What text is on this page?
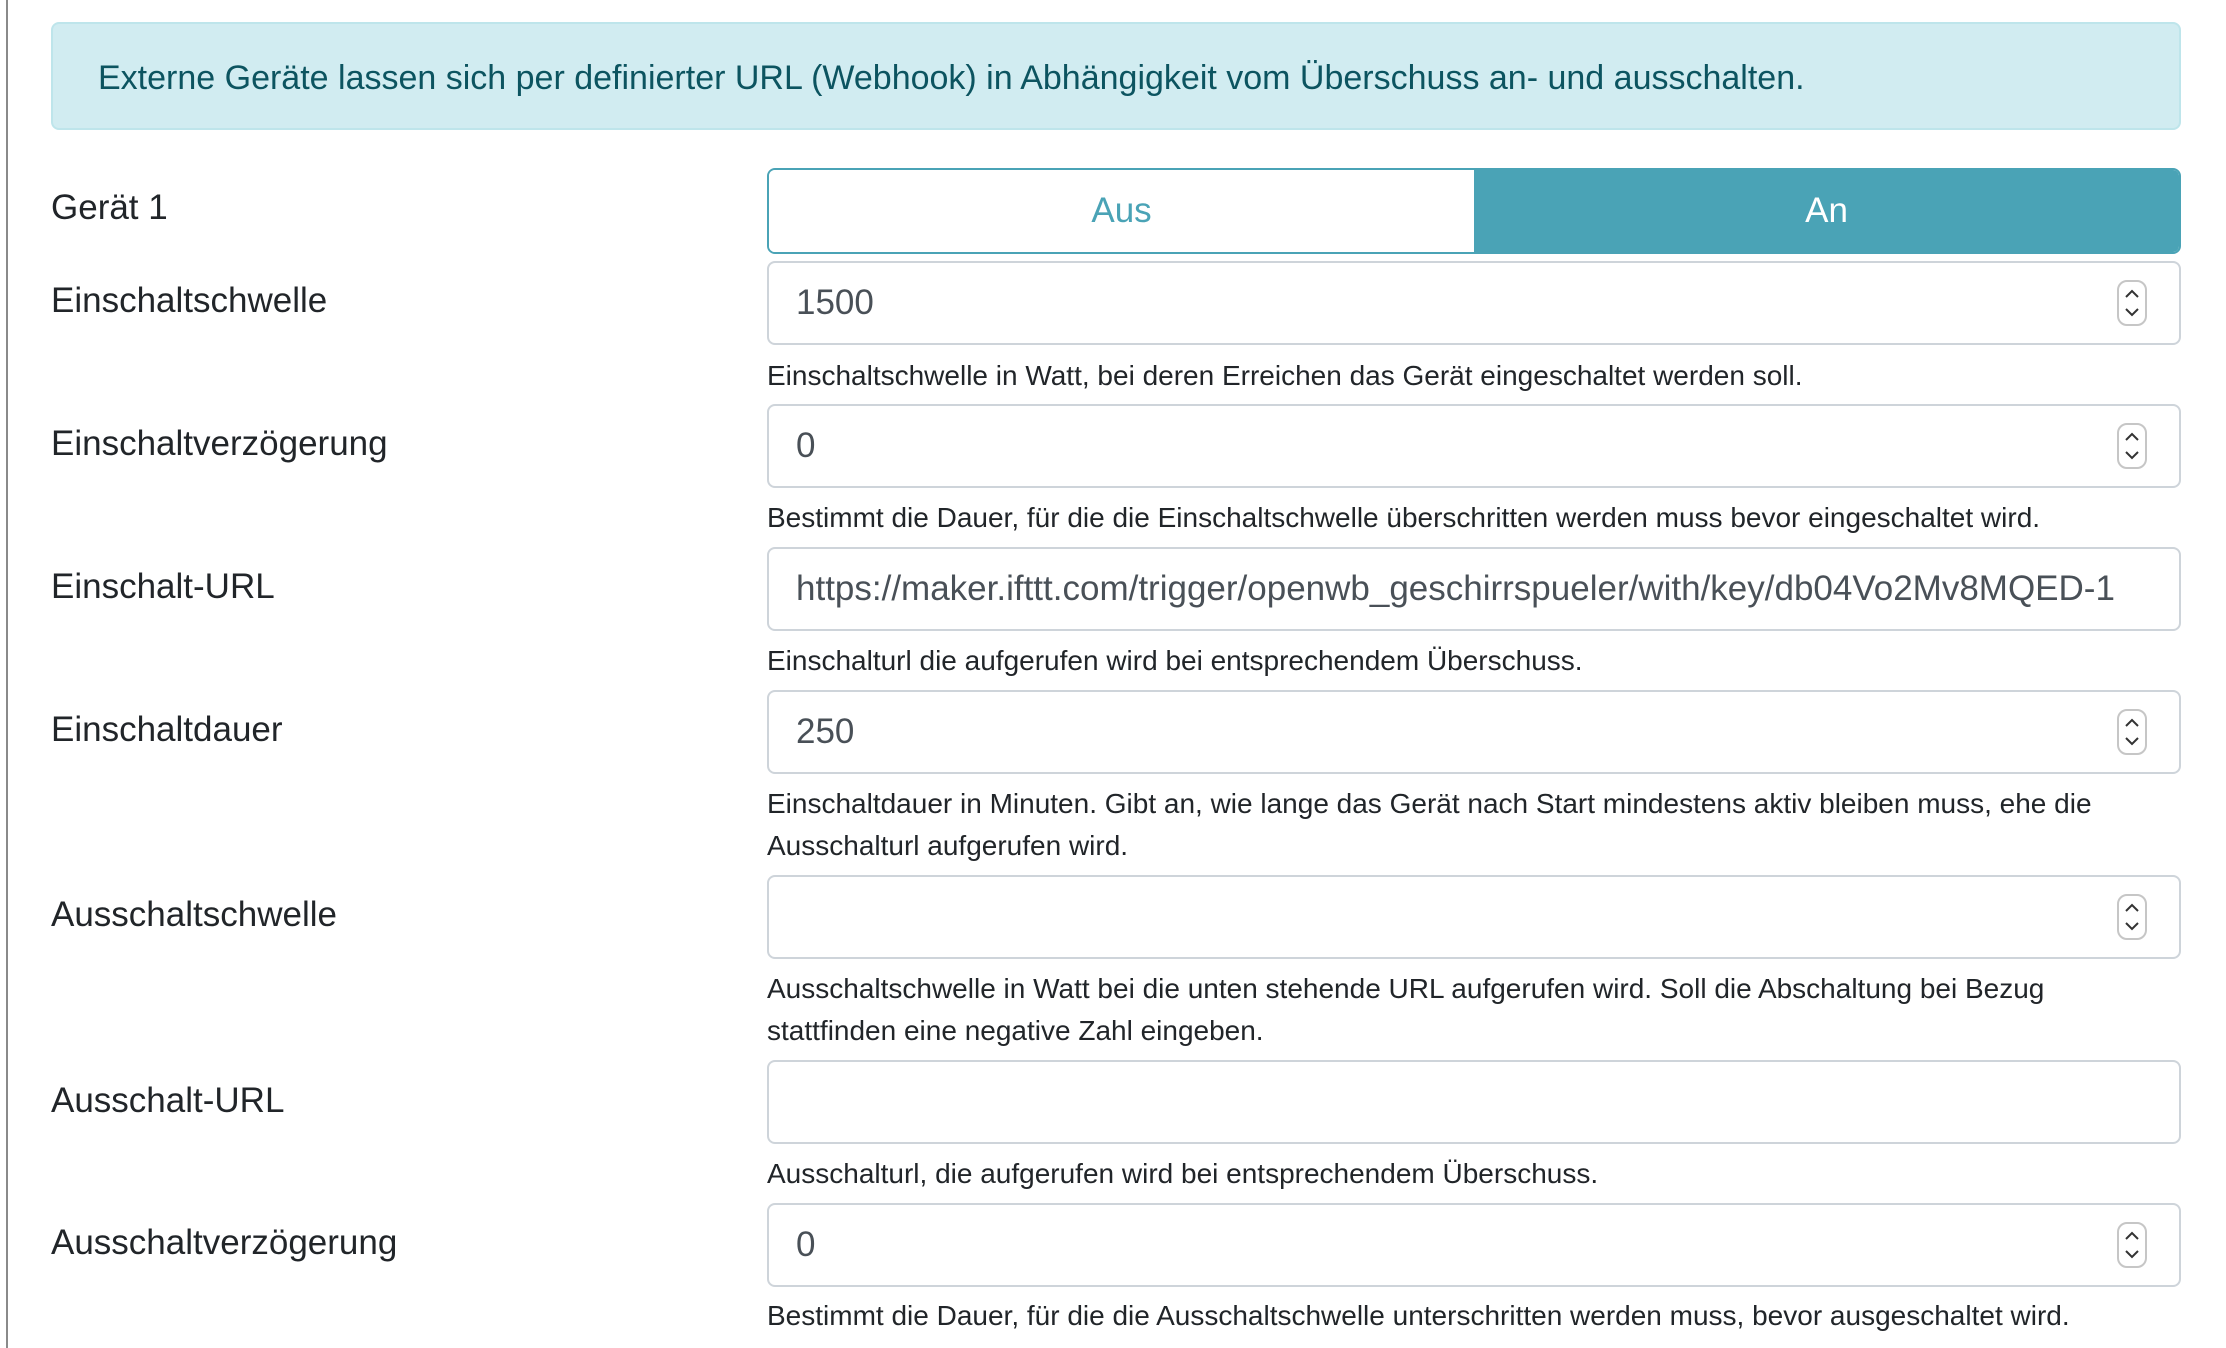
Externe Geräte lassen sich per definierter URL (Webhook) in Abhängigkeit vom Überschuss an- und ausschalten.
Gerät 1	Aus	An
Einschaltschwelle	1500
Einschaltschwelle in Watt, bei deren Erreichen das Gerät eingeschaltet werden soll.
Einschaltverzögerung	0
Bestimmt die Dauer, für die die Einschaltschwelle überschritten werden muss bevor eingeschaltet wird.
Einschalt-URL	https://maker.ifttt.com/trigger/openwb_geschirrspueler/with/key/db04Vo2Mv8MQED-1
Einschalturl die aufgerufen wird bei entsprechendem Überschuss.
Einschaltdauer	250
Einschaltdauer in Minuten. Gibt an, wie lange das Gerät nach Start mindestens aktiv bleiben muss, ehe die Ausschalturl aufgerufen wird.
Ausschaltschwelle
Ausschaltschwelle in Watt bei die unten stehende URL aufgerufen wird. Soll die Abschaltung bei Bezug stattfinden eine negative Zahl eingeben.
Ausschalt-URL
Ausschalturl, die aufgerufen wird bei entsprechendem Überschuss.
Ausschaltverzögerung	0
Bestimmt die Dauer, für die die Ausschaltschwelle unterschritten werden muss, bevor ausgeschaltet wird.
